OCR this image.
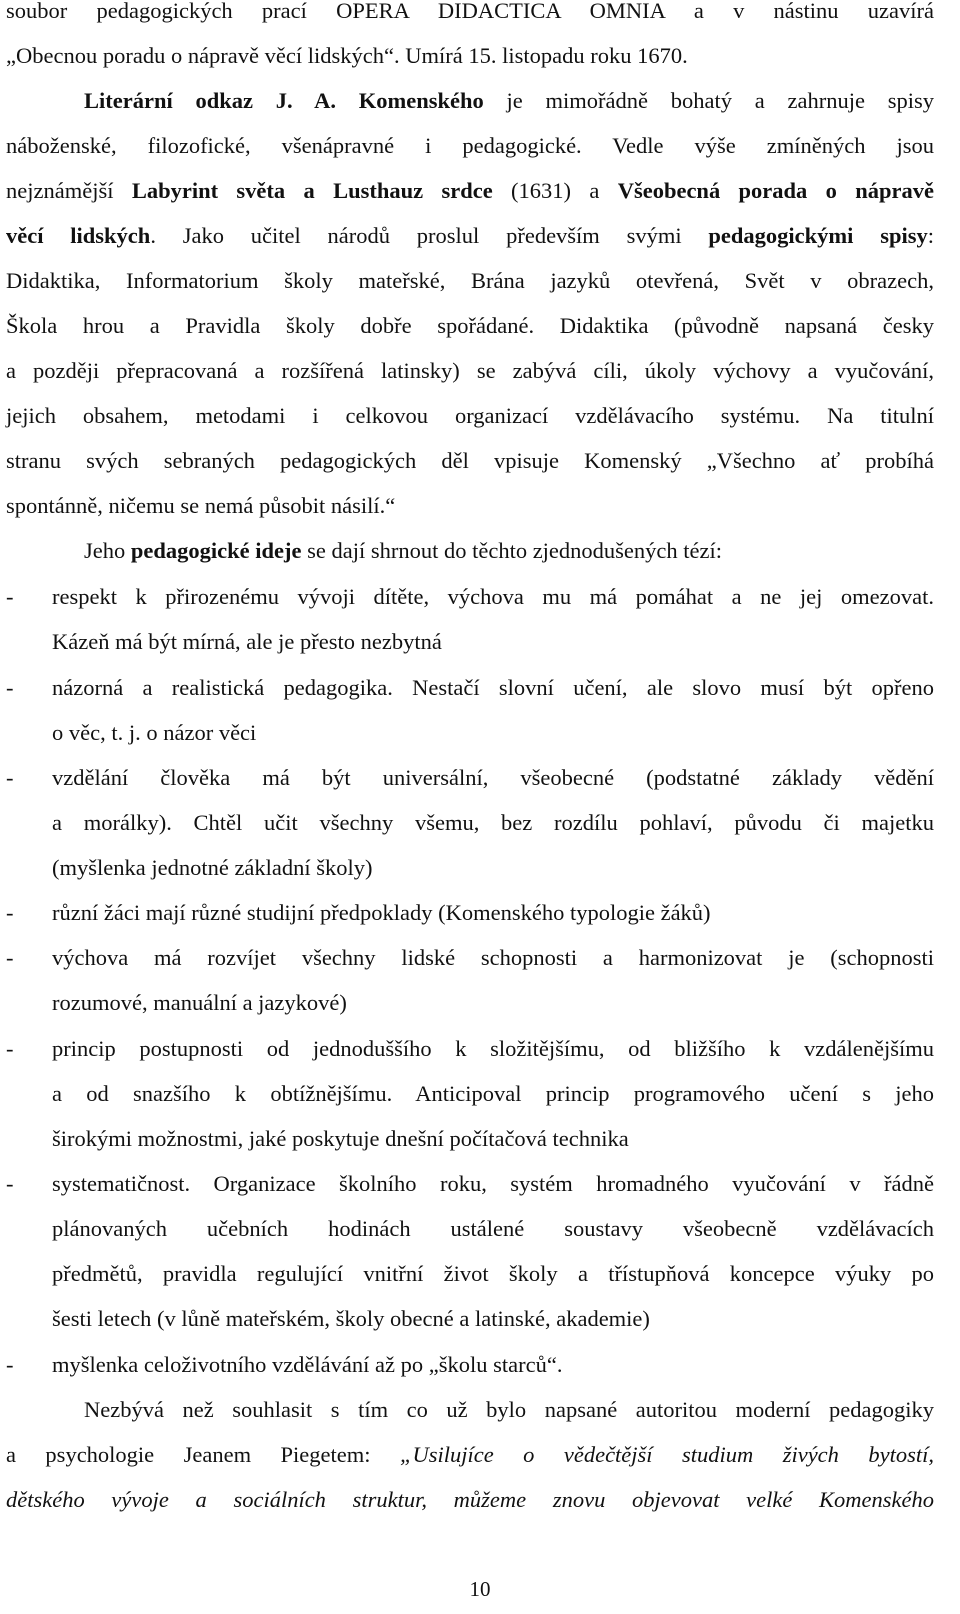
soubor pedagogických prací OPERA DIDACTICA OMNIA a v nástinu uzavírá
„Obecnou poradu o nápravě věcí lidských“. Umírá 15. listopadu roku 1670.
Literární odkaz J. A. Komenského je mimořádně bohatý a zahrnuje spisy
náboženské, filozofické, všenápravné i pedagogické. Vedle výše zmíněných jsou
nejznámější Labyrint světa a Lusthauz srdce (1631) a Všeobecná porada o nápravě
věcí lidských. Jako učitel národů proslul především svými pedagogickými spisy:
Didaktika, Informatorium školy mateřské, Brána jazyků otevřená, Svět v obrazech,
Škola hrou a Pravidla školy dobře spořádané. Didaktika (původně napsaná česky
a později přepracovaná a rozšířená latinsky) se zabývá cíli, úkoly výchovy a vyučování,
jejich obsahem, metodami i celkovou organizací vzdělávacího systému. Na titulní
stranu svých sebraných pedagogických děl vpisuje Komenský „Všechno ať probíhá
spontánně, ničemu se nemá působit násilí.“
Jeho pedagogické ideje se dají shrnout do těchto zjednodušených tézí:
-	respekt k přirozenému vývoji dítěte, výchova mu má pomáhat a ne jej omezovat.
Kázeň má být mírná, ale je přesto nezbytná
-	názorná a realistická pedagogika. Nestačí slovní učení, ale slovo musí být opřeno
o věc, t. j. o názor věci
-	vzdělání člověka má být universální, všeobecné (podstatné základy vědění
a morálky). Chtěl učit všechny všemu, bez rozdílu pohlaví, původu či majetku
(myšlenka jednotné základní školy)
-	různí žáci mají různé studijní předpoklady (Komenského typologie žáků)
-	výchova má rozvíjet všechny lidské schopnosti a harmonizovat je (schopnosti
rozumové, manuální a jazykové)
-	princip postupnosti od jednoduššího k složitějšímu, od bližšího k vzdálenějšímu
a od snazšího k obtížnějšímu. Anticipoval princip programového učení s jeho
širokými možnostmi, jaké poskytuje dnešní počítačová technika
-	systematičnost. Organizace školního roku, systém hromadného vyučování v řádně
plánovaných učebních hodinách ustálené soustavy všeobecně vzdělávacích
předmětů, pravidla regulující vnitřní život školy a třístupňová koncepce výuky po
šesti letech (v lůně mateřském, školy obecné a latinské, akademie)
-	myšlenka celoživotního vzdělávání až po „školu starců“.
Nezbývá než souhlasit s tím co už bylo napsané autoritou moderní pedagogiky
a psychologie Jeanem Piegetem: „Usilujíce o vědečtější studium živých bytostí,
dětského vývoje a sociálních struktur, můžeme znovu objevovat velké Komenského
10
